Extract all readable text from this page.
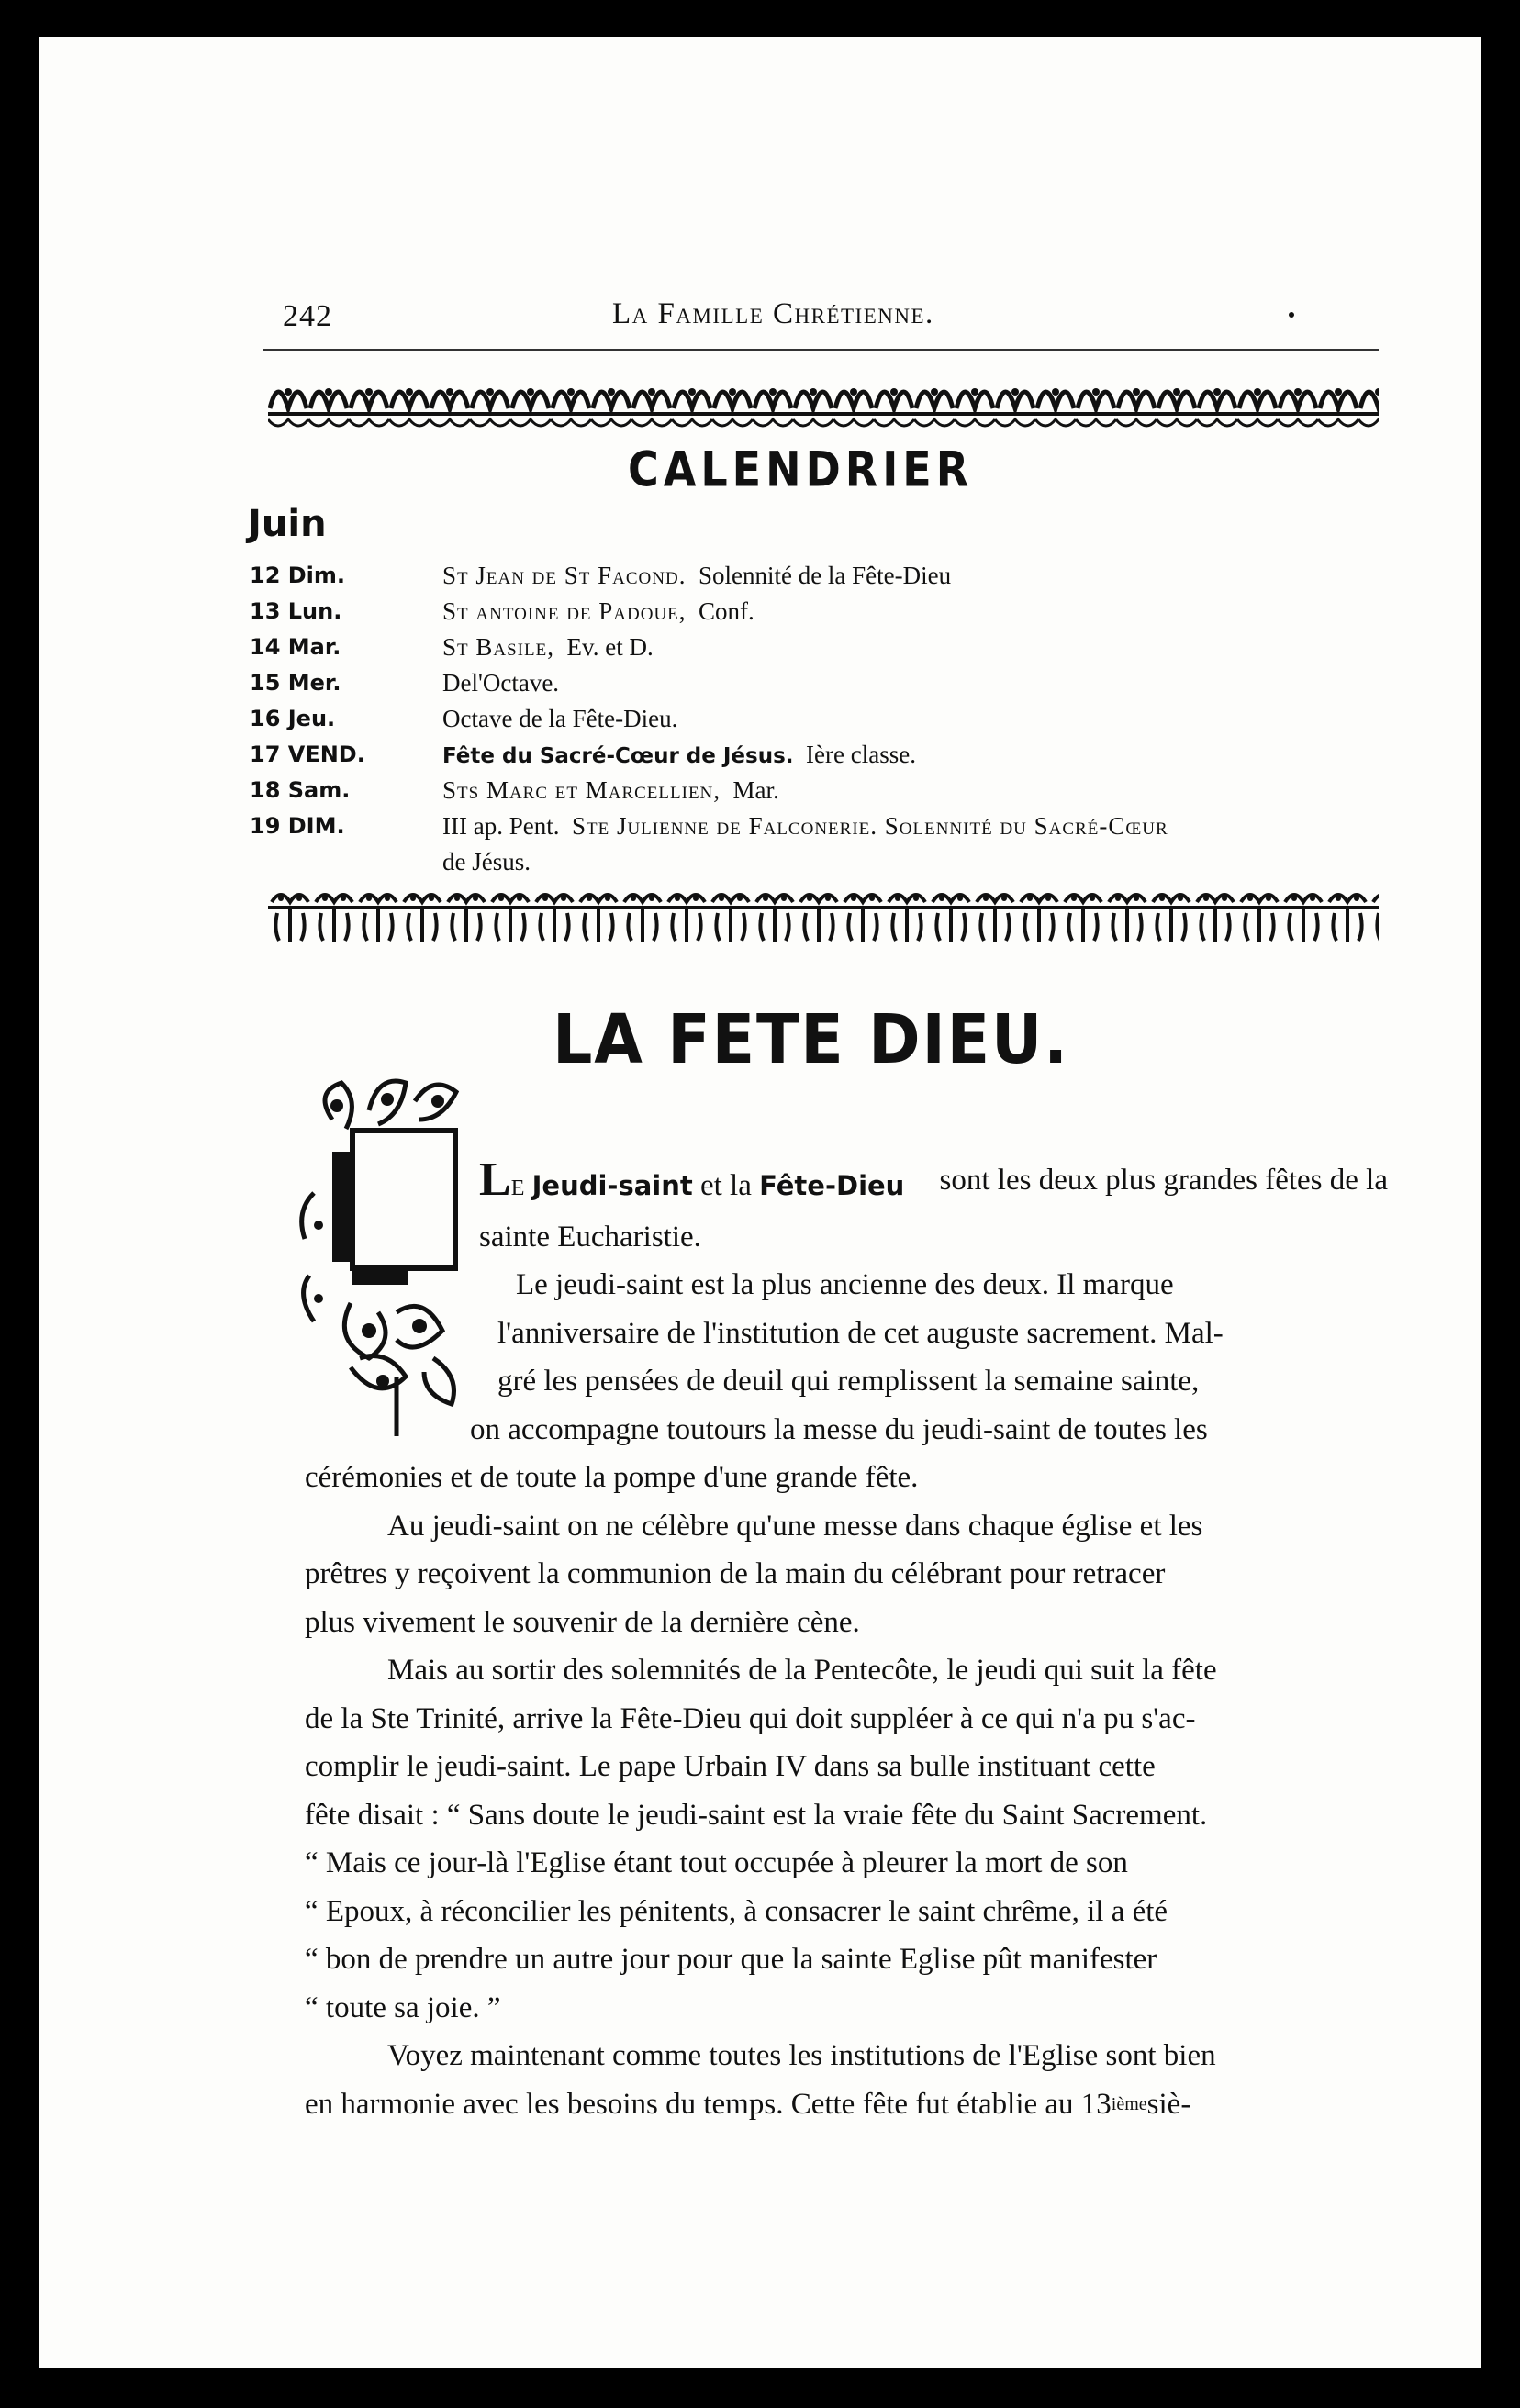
242	La Famille Chrétienne.
CALENDRIER
Juin
12 Dim.	St Jean de St Facond. Solennité de la Fête-Dieu
13 Lun.	St antoine de Padoue, Conf.
14 Mar.	St Basile, Ev. et D.
15 Mer.	Del'Octave.
16 Jeu.	Octave de la Fête-Dieu.
17 VEND.	Fête du Sacré-Cœur de Jésus. Ière classe.
18 Sam.	Sts Marc et Marcellien, Mar.
19 DIM.	III ap. Pent. Ste Julienne de Falconerie. Solennité du Sacré-Cœur
de Jésus.
LA FETE DIEU.
LE Jeudi-saint et la Fête-Dieu sont les deux plus grandes fêtes de la
sainte Eucharistie.
Le jeudi-saint est la plus ancienne des deux. Il marque
l'anniversaire de l'institution de cet auguste sacrement. Mal-
gré les pensées de deuil qui remplissent la semaine sainte,
on accompagne toutours la messe du jeudi-saint de toutes les
cérémonies et de toute la pompe d'une grande fête.
Au jeudi-saint on ne célèbre qu'une messe dans chaque église et les
prêtres y reçoivent la communion de la main du célébrant pour retracer
plus vivement le souvenir de la dernière cène.
Mais au sortir des solemnités de la Pentecôte, le jeudi qui suit la fête
de la Ste Trinité, arrive la Fête-Dieu qui doit suppléer à ce qui n'a pu s'ac-
complir le jeudi-saint. Le pape Urbain IV dans sa bulle instituant cette
fête disait : “ Sans doute le jeudi-saint est la vraie fête du Saint Sacrement.
“ Mais ce jour-là l'Eglise étant tout occupée à pleurer la mort de son
“ Epoux, à réconcilier les pénitents, à consacrer le saint chrême, il a été
“ bon de prendre un autre jour pour que la sainte Eglise pût manifester
“ toute sa joie. ”
Voyez maintenant comme toutes les institutions de l'Eglise sont bien
en harmonie avec les besoins du temps. Cette fête fut établie au 13 ième siè-
